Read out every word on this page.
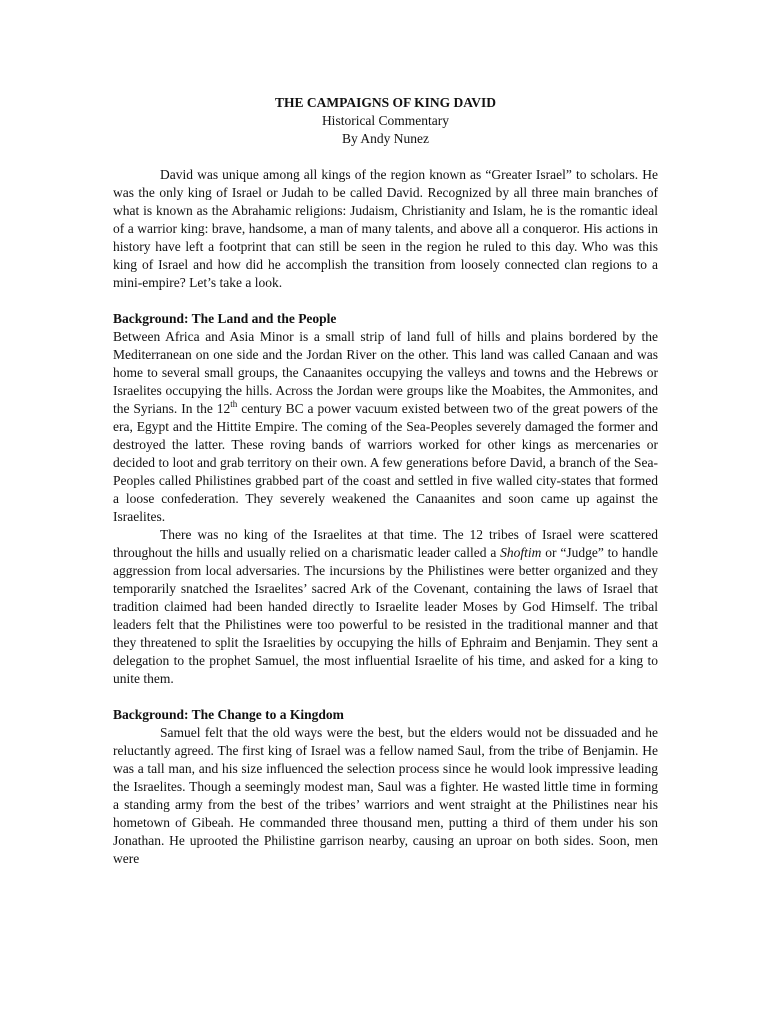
THE CAMPAIGNS OF KING DAVID
Historical Commentary
By Andy Nunez

David was unique among all kings of the region known as “Greater Israel” to scholars. He was the only king of Israel or Judah to be called David. Recognized by all three main branches of what is known as the Abrahamic religions: Judaism, Christianity and Islam, he is the romantic ideal of a warrior king: brave, handsome, a man of many talents, and above all a conqueror. His actions in history have left a footprint that can still be seen in the region he ruled to this day. Who was this king of Israel and how did he accomplish the transition from loosely connected clan regions to a mini-empire? Let’s take a look.

Background: The Land and the People

Between Africa and Asia Minor is a small strip of land full of hills and plains bordered by the Mediterranean on one side and the Jordan River on the other. This land was called Canaan and was home to several small groups, the Canaanites occupying the valleys and towns and the Hebrews or Israelites occupying the hills. Across the Jordan were groups like the Moabites, the Ammonites, and the Syrians. In the 12th century BC a power vacuum existed between two of the great powers of the era, Egypt and the Hittite Empire. The coming of the Sea-Peoples severely damaged the former and destroyed the latter. These roving bands of warriors worked for other kings as mercenaries or decided to loot and grab territory on their own. A few generations before David, a branch of the Sea-Peoples called Philistines grabbed part of the coast and settled in five walled city-states that formed a loose confederation. They severely weakened the Canaanites and soon came up against the Israelites.

There was no king of the Israelites at that time. The 12 tribes of Israel were scattered throughout the hills and usually relied on a charismatic leader called a Shoftim or “Judge” to handle aggression from local adversaries. The incursions by the Philistines were better organized and they temporarily snatched the Israelites’ sacred Ark of the Covenant, containing the laws of Israel that tradition claimed had been handed directly to Israelite leader Moses by God Himself. The tribal leaders felt that the Philistines were too powerful to be resisted in the traditional manner and that they threatened to split the Israelities by occupying the hills of Ephraim and Benjamin. They sent a delegation to the prophet Samuel, the most influential Israelite of his time, and asked for a king to unite them.

Background: The Change to a Kingdom

Samuel felt that the old ways were the best, but the elders would not be dissuaded and he reluctantly agreed. The first king of Israel was a fellow named Saul, from the tribe of Benjamin. He was a tall man, and his size influenced the selection process since he would look impressive leading the Israelites. Though a seemingly modest man, Saul was a fighter. He wasted little time in forming a standing army from the best of the tribes’ warriors and went straight at the Philistines near his hometown of Gibeah. He commanded three thousand men, putting a third of them under his son Jonathan. He uprooted the Philistine garrison nearby, causing an uproar on both sides. Soon, men were
